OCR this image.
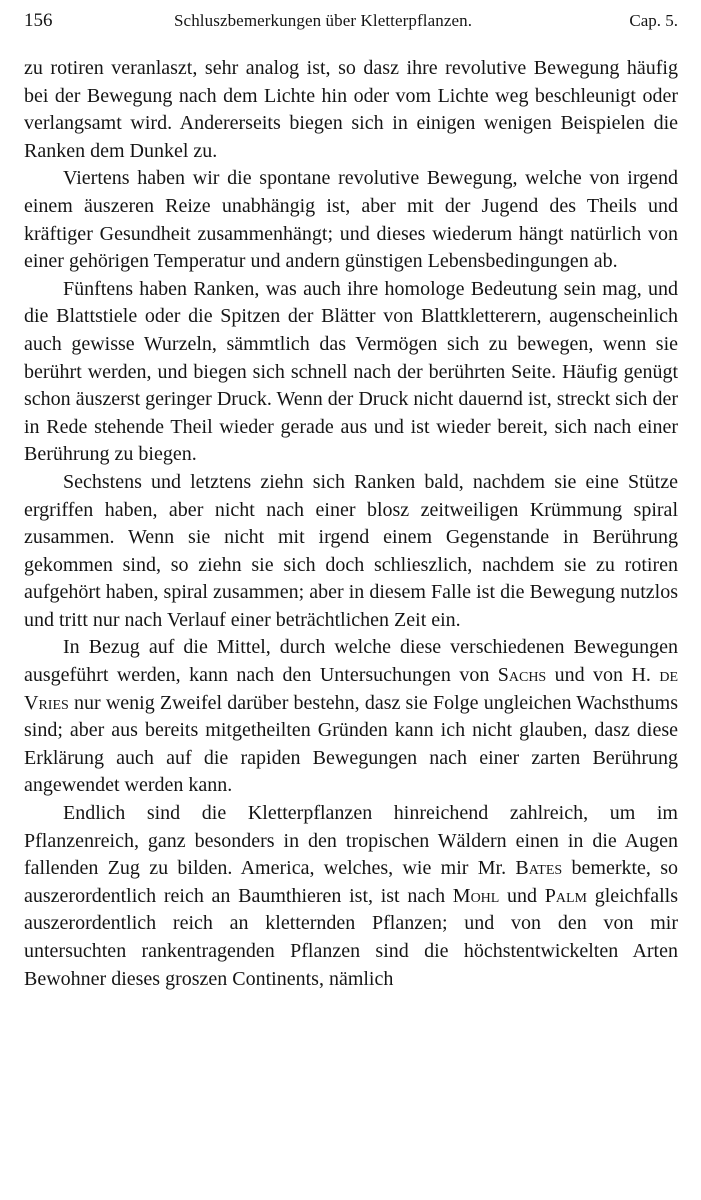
156	Schluszbemerkungen über Kletterpflanzen.	Cap. 5.

zu rotiren veranlaszt, sehr analog ist, so dasz ihre revolutive Bewegung häufig bei der Bewegung nach dem Lichte hin oder vom Lichte weg beschleunigt oder verlangsamt wird. Andererseits biegen sich in einigen wenigen Beispielen die Ranken dem Dunkel zu.

Viertens haben wir die spontane revolutive Bewegung, welche von irgend einem äuszeren Reize unabhängig ist, aber mit der Jugend des Theils und kräftiger Gesundheit zusammenhängt; und dieses wiederum hängt natürlich von einer gehörigen Temperatur und andern günstigen Lebensbedingungen ab.

Fünftens haben Ranken, was auch ihre homologe Bedeutung sein mag, und die Blattstiele oder die Spitzen der Blätter von Blattkletterern, augenscheinlich auch gewisse Wurzeln, sämmtlich das Vermögen sich zu bewegen, wenn sie berührt werden, und biegen sich schnell nach der berührten Seite. Häufig genügt schon äuszerst geringer Druck. Wenn der Druck nicht dauernd ist, streckt sich der in Rede stehende Theil wieder gerade aus und ist wieder bereit, sich nach einer Berührung zu biegen.

Sechstens und letztens ziehn sich Ranken bald, nachdem sie eine Stütze ergriffen haben, aber nicht nach einer blosz zeitweiligen Krümmung spiral zusammen. Wenn sie nicht mit irgend einem Gegenstande in Berührung gekommen sind, so ziehn sie sich doch schlieszlich, nachdem sie zu rotiren aufgehört haben, spiral zusammen; aber in diesem Falle ist die Bewegung nutzlos und tritt nur nach Verlauf einer beträchtlichen Zeit ein.

In Bezug auf die Mittel, durch welche diese verschiedenen Bewegungen ausgeführt werden, kann nach den Untersuchungen von Sachs und von H. de Vries nur wenig Zweifel darüber bestehn, dasz sie Folge ungleichen Wachsthums sind; aber aus bereits mitgetheilten Gründen kann ich nicht glauben, dasz diese Erklärung auch auf die rapiden Bewegungen nach einer zarten Berührung angewendet werden kann.

Endlich sind die Kletterpflanzen hinreichend zahlreich, um im Pflanzenreich, ganz besonders in den tropischen Wäldern einen in die Augen fallenden Zug zu bilden. America, welches, wie mir Mr. Bates bemerkte, so auszerordentlich reich an Baumthieren ist, ist nach Mohl und Palm gleichfalls auszerordentlich reich an kletternden Pflanzen; und von den von mir untersuchten rankentragenden Pflanzen sind die höchstentwickelten Arten Bewohner dieses groszen Continents, nämlich
